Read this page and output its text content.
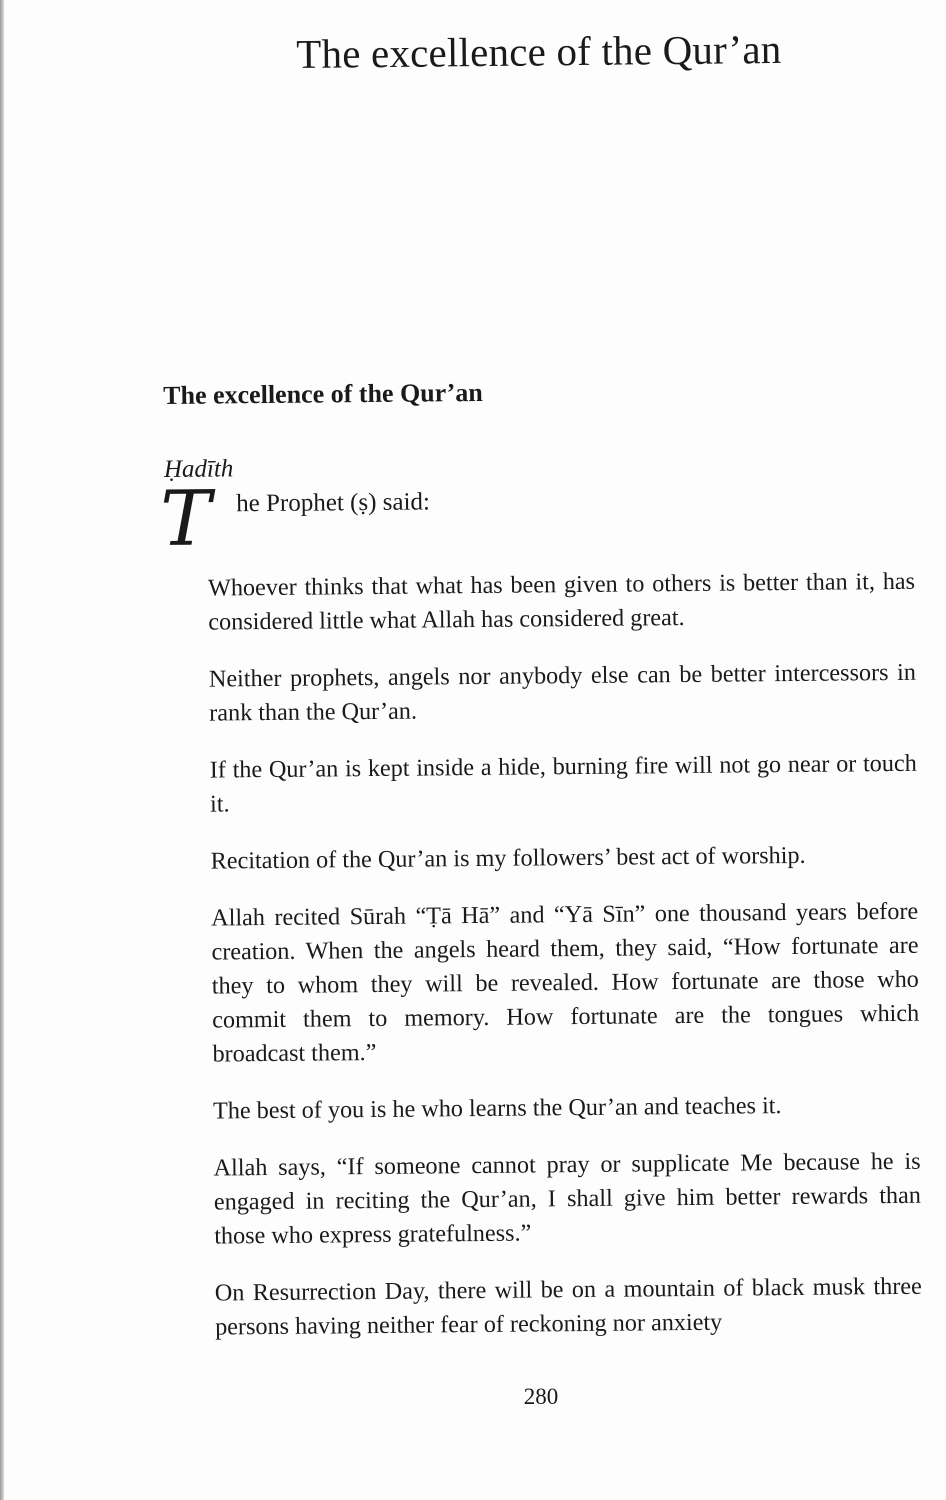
The excellence of the Qur’an
The excellence of the Qur’an
Ḥadīth
T he Prophet (ṣ) said:

Whoever thinks that what has been given to others is better than it, has considered little what Allah has considered great.

Neither prophets, angels nor anybody else can be better intercessors in rank than the Qur’an.

If the Qur’an is kept inside a hide, burning fire will not go near or touch it.

Recitation of the Qur’an is my followers’ best act of worship.

Allah recited Sūrah “Ṭā Hā” and “Yā Sīn” one thousand years before creation. When the angels heard them, they said, “How fortunate are they to whom they will be revealed. How fortunate are those who commit them to memory. How fortunate are the tongues which broadcast them.”

The best of you is he who learns the Qur’an and teaches it.

Allah says, “If someone cannot pray or supplicate Me because he is engaged in reciting the Qur’an, I shall give him better rewards than those who express gratefulness.”

On Resurrection Day, there will be on a mountain of black musk three persons having neither fear of reckoning nor anxiety

280
